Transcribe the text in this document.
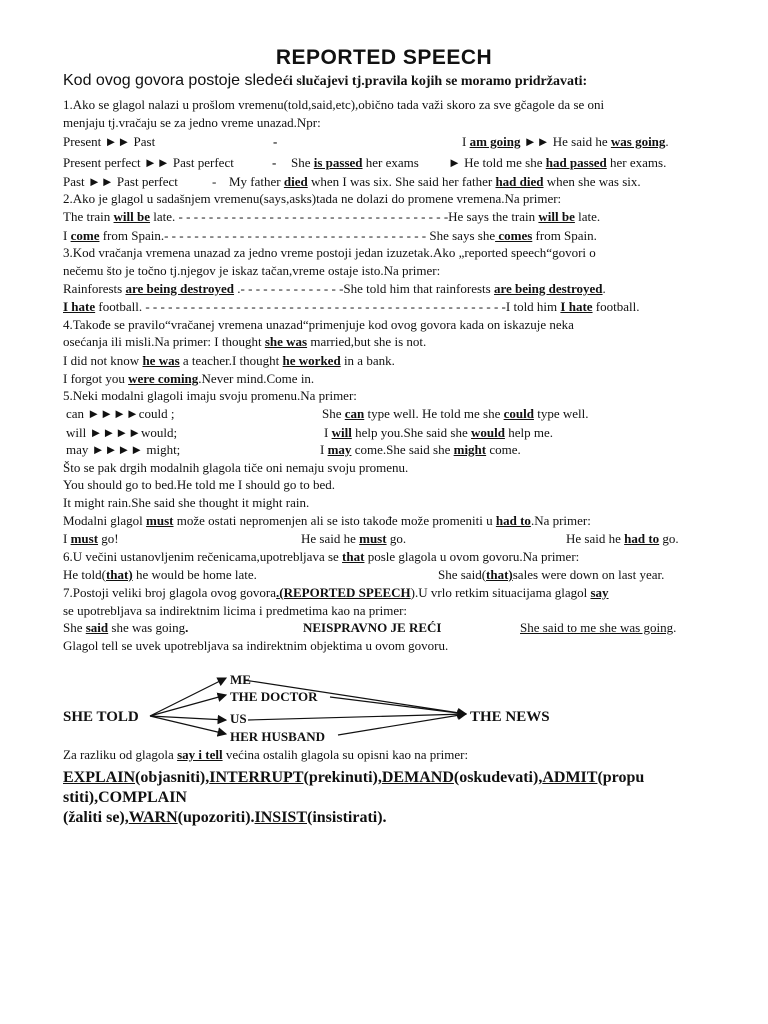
REPORTED SPEECH
Kod ovog govora postoje sledeći slučajevi tj.pravila kojih se moramo pridržavati:
1.Ako se glagol nalazi u prošlom vremenu(told,said,etc),obično tada važi skoro za sve gčagole da se oni
menjaju tj.vračaju se za jedno vreme unazad.Npr:
Present ►► Past	-	I am going ►► He said he was going.
Present perfect ►► Past perfect	- She is passed her exams ► He told me she had passed her exams.
Past ►► Past perfect	- My father died when I was six. She said her father had died when she was six.
2.Ako je glagol u sadašnjem vremenu(says,asks)tada ne dolazi do promene vremena.Na primer:
The train will be late. - - - - - - - - - - - - - - - - - - - - - - - - - - - - - - - - - - - -He says the train will be late.
I come from Spain.- - - - - - - - - - - - - - - - - - - - - - - - - - - - - - - - - - - She says she comes from Spain.
3.Kod vračanja vremena unazad za jedno vreme postoji jedan izuzetak.Ako „reported speech“govori o
nečemu što je točno tj.njegov je iskaz tačan,vreme ostaje isto.Na primer:
Rainforests are being destroyed .- - - - - - - - - - - - - -She told him that rainforests are being destroyed.
I hate football. - - - - - - - - - - - - - - - - - - - - - - - - - - - - - - - - - - - - - - - - - - - - - - - -I told him I hate football.
4.Takođe se pravilo“vračanej vremena unazad“primenjuje kod ovog govora kada on iskazuje neka
osećanja ili misli.Na primer: I thought she was married,but she is not.
I did not know he was a teacher.I thought he worked in a bank.
I forgot you were coming.Never mind.Come in.
5.Neki modalni glagoli imaju svoju promenu.Na primer:
can ►►►►could ;	She can type well. He told me she could type well.
will ►►►►would;	I will help you.She said she would help me.
may ►►►► might;	I may come.She said she might come.
Što se pak drgih modalnih glagola tiče oni nemaju svoju promenu.
You should go to bed.He told me I should go to bed.
It might rain.She said she thought it might rain.
Modalni glagol must može ostati nepromenjen ali se isto takođe može promeniti u had to.Na primer:
I must go!	He said he must go.	He said he had to go.
6.U večini ustanovljenim rečenicama,upotrebljava se that posle glagola u ovom govoru.Na primer:
He told(that) he would be home late.	She said(that)sales were down on last year.
7.Postoji veliki broj glagola ovog govora.(REPORTED SPEECH).U vrlo retkim situacijama glagol say
se upotrebljava sa indirektnim licima i predmetima kao na primer:
She said she was going.	NEISPRAVNO JE REĆI	She said to me she was going.
Glagol tell se uvek upotrebljava sa indirektnim objektima u ovom govoru.
SHE TOLD	THE NEWS
ME
THE DOCTOR
US
HER HUSBAND
Za razliku od glagola say i tell većina ostalih glagola su opisni kao na primer:
EXPLAIN(objasniti),INTERRUPT(prekinuti),DEMAND(oskudevati),ADMIT(propu
stiti),COMPLAIN
(žaliti se),WARN(upozoriti).INSIST(insistirati).
